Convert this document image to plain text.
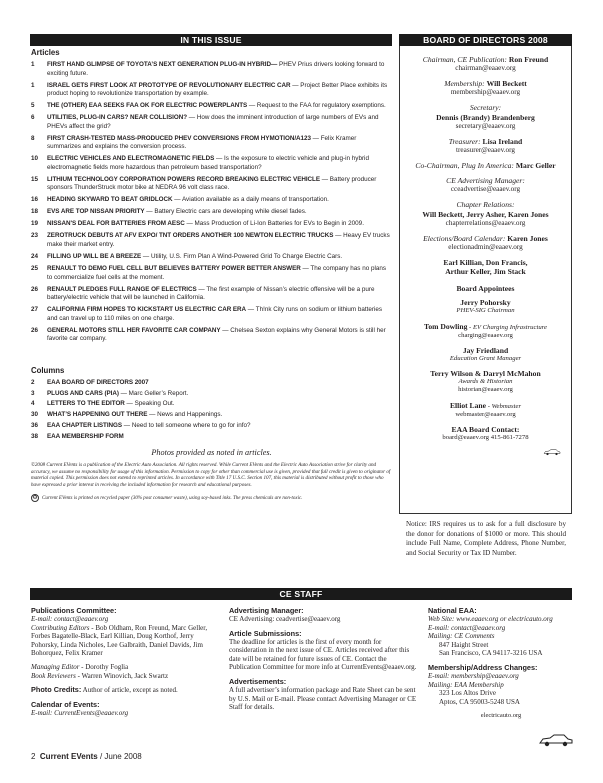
IN THIS ISSUE	BOARD OF DIRECTORS 2008
Articles
1	FIRST HAND GLIMPSE OF TOYOTA’S NEXT GENERATION PLUG-IN HYBRID— PHEV Prius drivers looking forward to exciting future.
1	ISRAEL GETS FIRST LOOK AT PROTOTYPE OF REVOLUTIONARY ELECTRIC CAR — Project Better Place exhibits its product hoping to revolutionize transportation by example.
5	THE (OTHER) EAA SEEKS FAA OK FOR ELECTRIC POWERPLANTS — Request to the FAA for regulatory exemptions.
6	UTILITIES, PLUG-IN CARS? NEAR COLLISION? — How does the imminent introduction of large numbers of EVs and PHEVs affect the grid?
8	FIRST CRASH-TESTED MASS-PRODUCED PHEV CONVERSIONS FROM HYMOTION/A123 — Felix Kramer summarizes and explains the conversion process.
10	ELECTRIC VEHICLES AND ELECTROMAGNETIC FIELDS — Is the exposure to electric vehicle and plug-in hybrid electromagnetic fields more hazardous than petroleum based transportation?
15	LITHIUM TECHNOLOGY CORPORATION POWERS RECORD BREAKING ELECTRIC VEHICLE — Battery producer sponsors ThunderStruck motor bike at NEDRA 96 volt class race.
16	HEADING SKYWARD TO BEAT GRIDLOCK — Aviation available as a daily means of transportation.
18	EVS ARE TOP NISSAN PRIORITY — Battery Electric cars are developing while diesel fades.
19	NISSAN'S DEAL FOR BATTERIES FROM AESC — Mass Production of Li-Ion Batteries for EVs to Begin in 2009.
23	ZEROTRUCK DEBUTS AT AFV EXPO/ TNT ORDERS ANOTHER 100 NEWTON ELECTRIC TRUCKS — Heavy EV trucks make their market entry.
24	FILLING UP WILL BE A BREEZE — Utility, U.S. Firm Plan A Wind-Powered Grid To Charge Electric Cars.
25	RENAULT TO DEMO FUEL CELL BUT BELIEVES BATTERY POWER BETTER ANSWER — The company has no plans to commercialize fuel cells at the moment.
26	RENAULT PLEDGES FULL RANGE OF ELECTRICS — The first example of Nissan’s electric offensive will be a pure battery/electric vehicle that will be launched in California.
27	CALIFORNIA FIRM HOPES TO KICKSTART US ELECTRIC CAR ERA — Th!nk City runs on sodium or lithium batteries and can travel up to 110 miles on one charge.
26	GENERAL MOTORS STILL HER FAVORITE CAR COMPANY — Chelsea Sexton explains why General Motors is still her favorite car company.
Columns
2	EAA BOARD OF DIRECTORS 2007
3	PLUGS AND CARS (PIA) — Marc Geller’s Report.
4	LETTERS TO THE EDITOR — Speaking Out.
30	WHAT’S HAPPENING OUT THERE — News and Happenings.
36	EAA CHAPTER LISTINGS — Need to tell someone where to go for info?
38	EAA MEMBERSHIP FORM
Photos provided as noted in articles.
©2008 Current EVents is a publication of the Electric Auto Association. All rights reserved. While Current EVents and the Electric Auto Association strive for clarity and accuracy, we assume no responsibility for usage of this information. Permission to copy for other than commercial use is given, provided that full credit is given to originator of material copied. This permission does not extend to reprinted articles. In accordance with Title 17 U.S.C. Section 107, this material is distributed without profit to those who have expressed a prior interest in receiving the included information for research and educational purposes.
♻ Current EVents is printed on recycled paper (30% post consumer waste), using soy-based inks. The press chemicals are non-toxic.
Chairman, CE Publication: Ron Freund
chairman@eaaev.org
Membership: Will Beckett
membership@eaaev.org
Secretary:
Dennis (Brandy) Brandenberg
secretary@eaaev.org
Treasurer: Lisa Ireland
treasurer@eaaev.org
Co-Chairman, Plug In America: Marc Geller
CE Advertising Manager:
cceadvertise@eaaev.org
Chapter Relations:
Will Beckett, Jerry Asher, Karen Jones
chapterrelations@eaaev.org
Elections/Board Calendar: Karen Jones
electionadmin@eaaev.org
Earl Killian, Don Francis,
Arthur Keller, Jim Stack
Board Appointees
Jerry Pohorsky
PHEV-SIG Chairman
Tom Dowling - EV Charging Infrastructure
charging@eaaev.org
Jay Friedland
Education Grant Manager
Terry Wilson & Darryl McMahon
Awards & Historian
historian@eaaev.org
Elliot Lane - Webmaster
webmaster@eaaev.org
EAA Board Contact:
board@eaaev.org 415-861-7278
Notice: IRS requires us to ask for a full disclosure by the donor for donations of $1000 or more. This should include Full Name, Complete Address, Phone Number, and Social Security or Tax ID Number.
CE STAFF
Publications Committee:
E-mail: contact@eaaev.org
Contributing Editors - Bob Oldham, Ron Freund, Marc Geller, Forbes Bagatelle-Black, Earl Killian, Doug Korthof, Jerry Pohorsky, Linda Nicholes, Lee Galbraith, Daniel Davids, Jim Bohorquez, Felix Kramer
Managing Editor - Dorothy Foglia
Book Reviewers - Warren Winovich, Jack Swartz
Photo Credits: Author of article, except as noted.
Calendar of Events:
E-mail: CurrentEvents@eaaev.org
Advertising Manager:
CE Advertising: ceadvertise@eaaev.org
Article Submissions:
The deadline for articles is the first of every month for consideration in the next issue of CE. Articles received after this date will be retained for future issues of CE. Contact the Publication Committee for more info at CurrentEvents@eaaev.org.
Advertisements:
A full advertiser’s information package and Rate Sheet can be sent by U.S. Mail or E-mail. Please contact Advertising Manager or CE Staff for details.
National EAA:
Web Site: www.eaaev.org or electricauto.org
E-mail: contact@eaaev.org
Mailing: CE Comments
847 Haight Street
San Francisco, CA 94117-3216 USA
Membership/Address Changes:
E-mail: membership@eaaev.org
Mailing: EAA Membership
323 Los Altos Drive
Aptos, CA 95003-5248 USA
electricauto.org
2 Current EVents / June 2008
